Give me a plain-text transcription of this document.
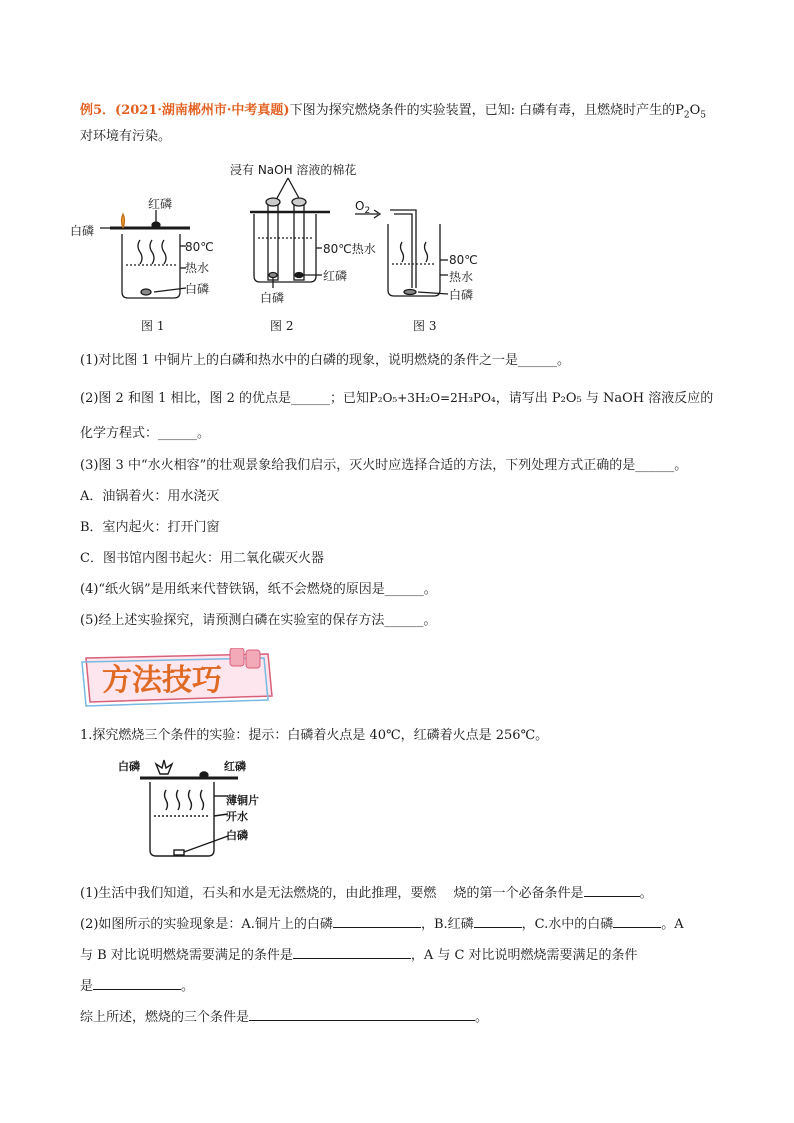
例5．(2021·湖南郴州市·中考真题)下图为探究燃烧条件的实验装置，已知: 白磷有毒，且燃烧时产生的$P_2O_5$
对环境有污染。
红磷
白磷
80℃
热水
白磷
图 1
浸有 NaOH 溶液的棉花
80℃热水
红磷
白磷
图 2
$O_2$
80℃
热水
白磷
图 3
(1)对比图 1 中铜片上的白磷和热水中的白磷的现象，说明燃烧的条件之一是______。
(2)图 2 和图 1 相比，图 2 的优点是______；已知P₂O₅+3H₂O=2H₃PO₄，请写出 P₂O₅ 与 NaOH 溶液反应的
化学方程式：______。
(3)图 3 中“水火相容”的壮观景象给我们启示，灭火时应选择合适的方法，下列处理方式正确的是______。
A．油锅着火：用水浇灭
B．室内起火：打开门窗
C．图书馆内图书起火：用二氧化碳灭火器
(4)“纸火锅”是用纸来代替铁锅，纸不会燃烧的原因是______。
(5)经上述实验探究，请预测白磷在实验室的保存方法______。
方法技巧
1.探究燃烧三个条件的实验：提示：白磷着火点是 40℃，红磷着火点是 256℃。
白磷	红磷
薄铜片
开水
白磷
(1)生活中我们知道，石头和水是无法燃烧的，由此推理，要燃　 烧的第一个必备条件是	。
(2)如图所示的实验现象是：A.铜片上的白磷	，B.红磷	，C.水中的白磷	。A
与 B 对比说明燃烧需要满足的条件是	，A 与 C 对比说明燃烧需要满足的条件
是	。
综上所述，燃烧的三个条件是	。
